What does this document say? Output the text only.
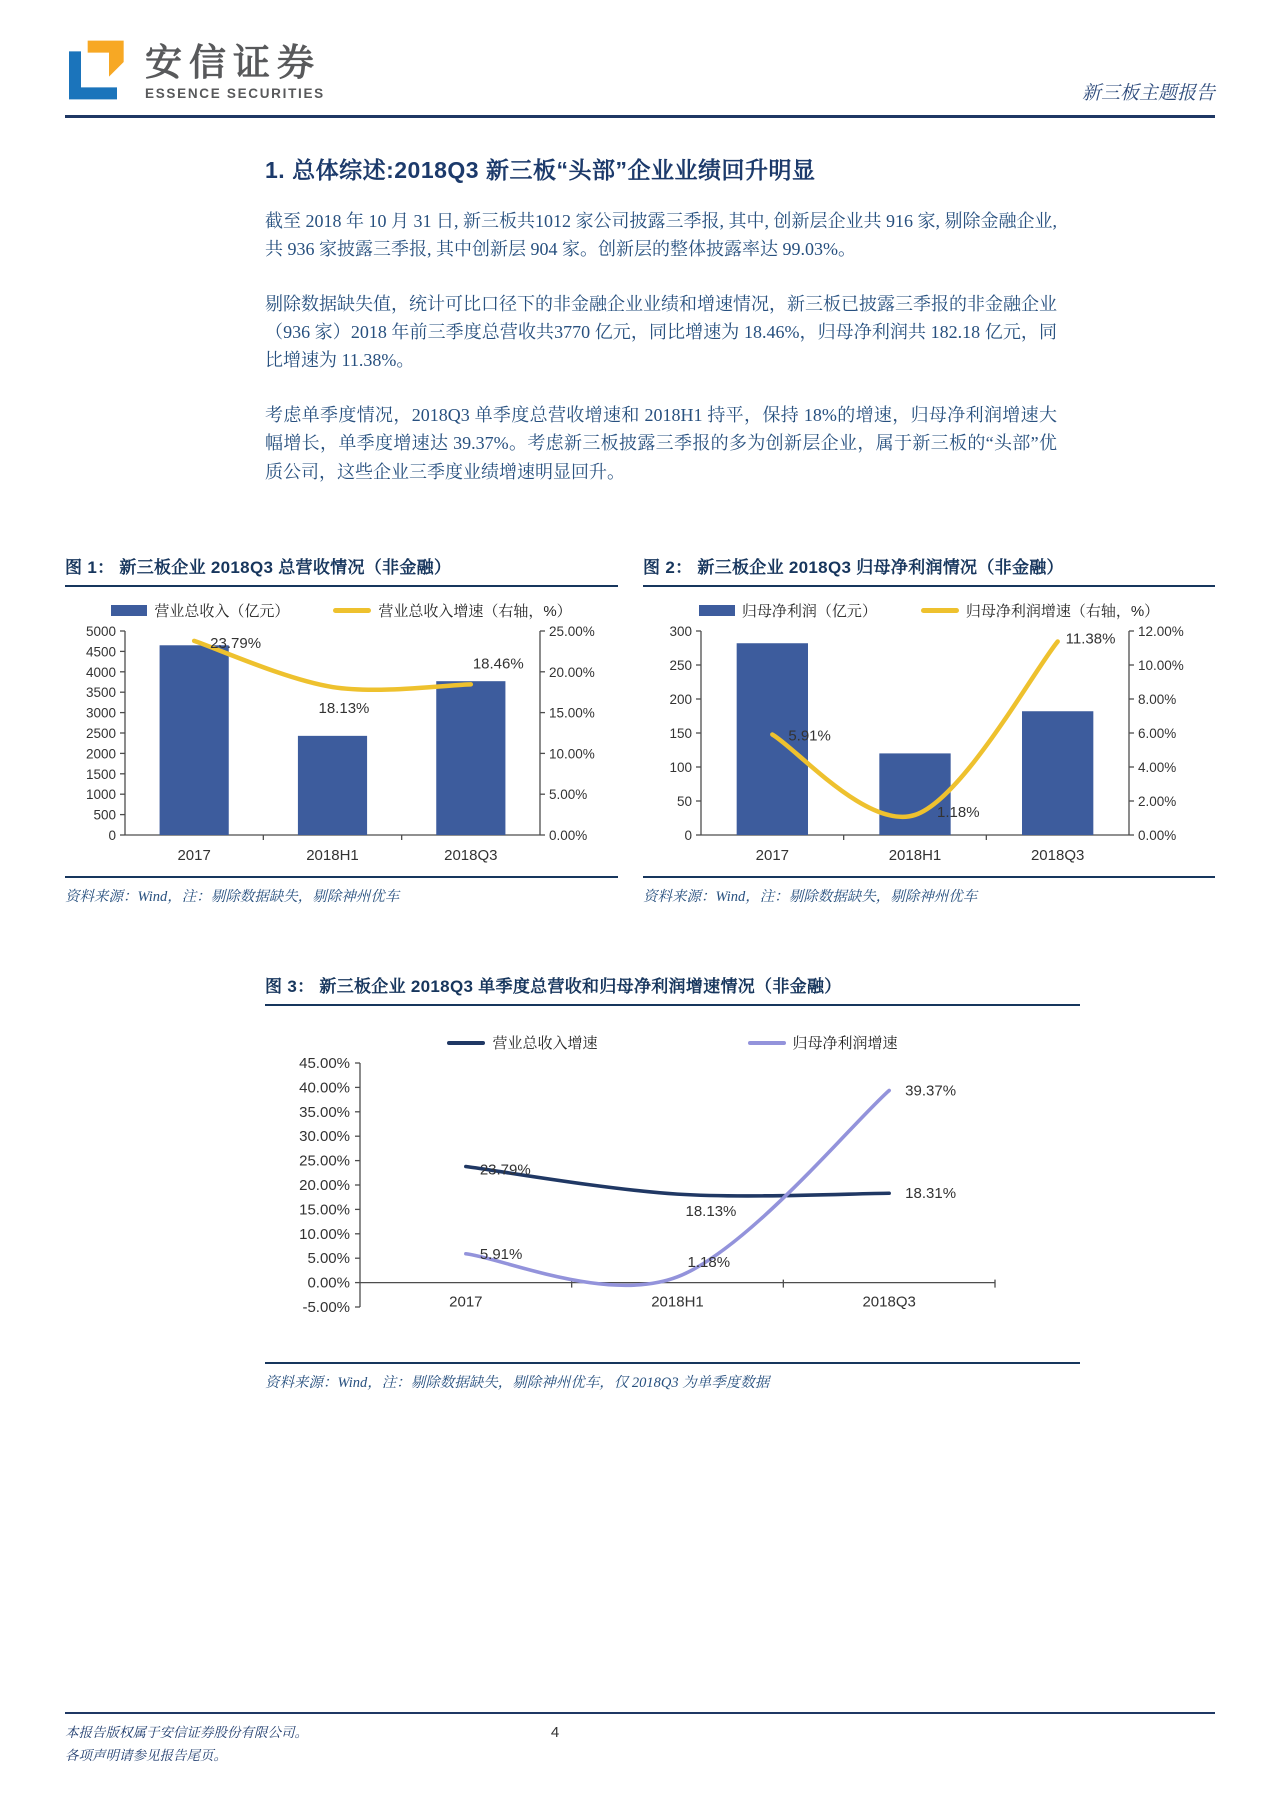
安信证券
ESSENCE SECURITIES	新三板主题报告
1. 总体综述:2018Q3 新三板“头部”企业业绩回升明显

截至 2018 年 10 月 31 日, 新三板共1012 家公司披露三季报, 其中, 创新层企业共 916 家, 剔除金融企业, 共 936 家披露三季报, 其中创新层 904 家。创新层的整体披露率达 99.03%。

剔除数据缺失值，统计可比口径下的非金融企业业绩和增速情况，新三板已披露三季报的非金融企业（936 家）2018 年前三季度总营收共3770 亿元，同比增速为 18.46%，归母净利润共 182.18 亿元，同比增速为 11.38%。

考虑单季度情况，2018Q3 单季度总营收增速和 2018H1 持平，保持 18%的增速，归母净利润增速大幅增长，单季度增速达 39.37%。考虑新三板披露三季报的多为创新层企业，属于新三板的“头部”优质公司，这些企业三季度业绩增速明显回升。

图 1： 新三板企业 2018Q3 总营收情况（非金融）
营业总收入（亿元）	营业总收入增速（右轴，%）
0
500
1000
1500
2000
2500
3000
3500
4000
4500
5000
0.00%
5.00%
10.00%
15.00%
20.00%
25.00%
2017	2018H1	2018Q3
23.79%
18.13%
18.46%
资料来源：Wind，注：剔除数据缺失，剔除神州优车
图 2： 新三板企业 2018Q3 归母净利润情况（非金融）
归母净利润（亿元）	归母净利润增速（右轴，%）
0
50
100
150
200
250
300
0.00%
2.00%
4.00%
6.00%
8.00%
10.00%
12.00%
2017	2018H1	2018Q3
5.91%
1.18%
11.38%
资料来源：Wind，注：剔除数据缺失，剔除神州优车
图 3： 新三板企业 2018Q3 单季度总营收和归母净利润增速情况（非金融）
营业总收入增速	归母净利润增速
-5.00%
0.00%
5.00%
10.00%
15.00%
20.00%
25.00%
30.00%
35.00%
40.00%
45.00%
2017	2018H1	2018Q3
23.79%
18.13%
18.31%
5.91%	1.18%
39.37%
资料来源：Wind，注：剔除数据缺失，剔除神州优车，仅 2018Q3 为单季度数据
本报告版权属于安信证券股份有限公司。
各项声明请参见报告尾页。
4
